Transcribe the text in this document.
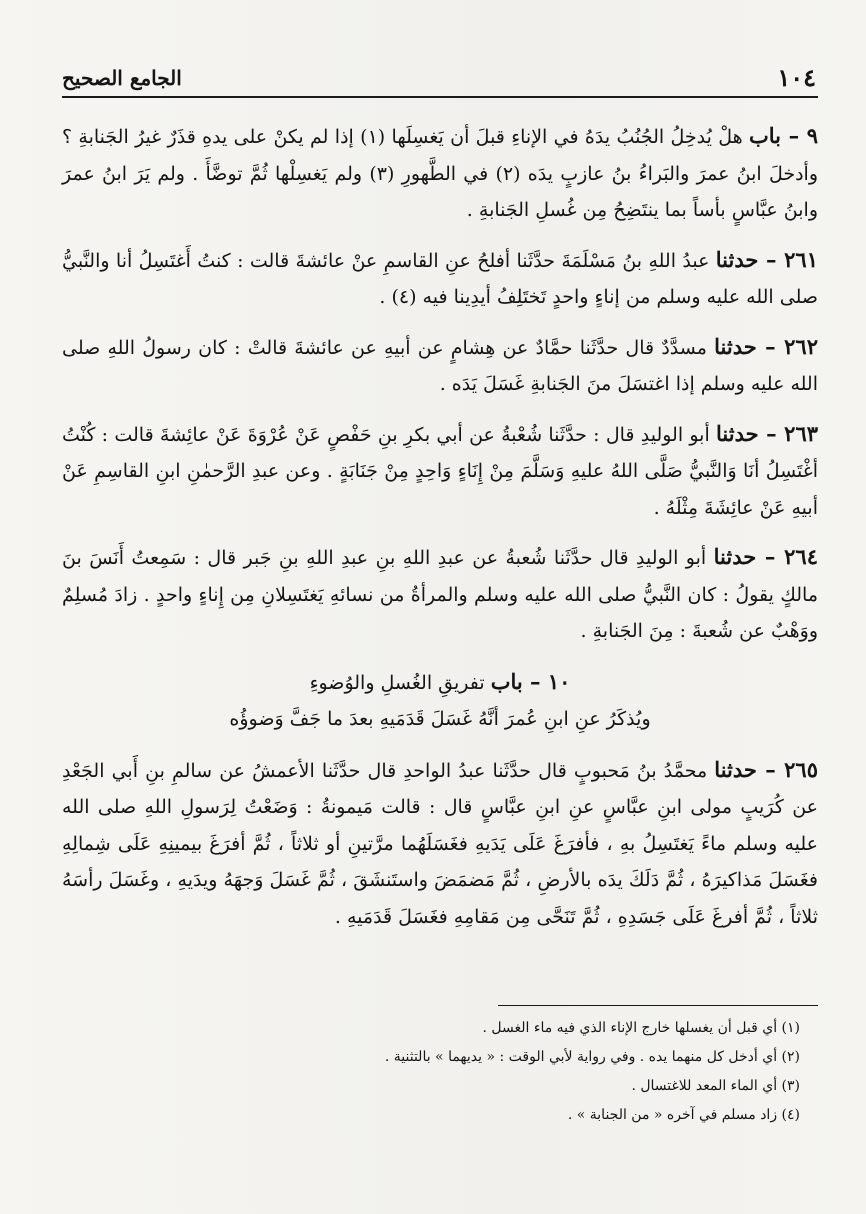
١٠٤
الجامع الصحيح

٩ – باب هلْ يُدخِلُ الجُنُبُ يدَهُ في الإناءِ قبلَ أن يَغسِلَها (١) إذا لم يكنْ على يدهِ قذَرٌ غيرُ الجَنابةِ ؟ وأدخلَ ابنُ عمرَ والبَراءُ بنُ عازبٍ يدَه (٢) في الطَّهورِ (٣) ولم يَغسِلْها ثُمَّ توضَّأَ . ولم يَرَ ابنُ عمرَ وابنُ عبَّاسٍ بأساً بما ينتَضِحُ مِن غُسلِ الجَنابةِ .

٢٦١ – حدثنا عبدُ اللهِ بنُ مَسْلَمَةَ حدَّثَنا أفلحُ عنِ القاسمِ عنْ عائشةَ قالت : كنتُ أَغتَسِلُ أنا والنَّبيُّ صلى الله عليه وسلم من إناءٍ واحدٍ تَختَلِفُ أيدِينا فيه (٤) .

٢٦٢ – حدثنا مسدَّدٌ قال حدَّثَنا حمَّادٌ عن هِشامٍ عن أبيهِ عن عائشةَ قالتْ : كان رسولُ اللهِ صلى الله عليه وسلم إذا اغتسَلَ منَ الجَنابةِ غَسَلَ يَدَه .

٢٦٣ – حدثنا أبو الوليدِ قال : حدَّثَنا شُعْبةُ عن أبي بكرِ بنِ حَفْصٍ عَنْ عُرْوَةَ عَنْ عائِشةَ قالت : كُنْتُ أغْتَسِلُ أنَا وَالنَّبيُّ صَلَّى اللهُ عليهِ وَسَلَّمَ مِنْ إِنَاءٍ وَاحِدٍ مِنْ جَنَابَةٍ . وعن عبدِ الرَّحمٰنِ ابنِ القاسِمِ عَنْ أبيهِ عَنْ عائِشَةَ مِثْلَهُ .

٢٦٤ – حدثنا أبو الوليدِ قال حدَّثَنا شُعبةُ عن عبدِ اللهِ بنِ عبدِ اللهِ بنِ جَبر قال : سَمِعتُ أَنَسَ بنَ مالكٍ يقولُ : كان النَّبيُّ صلى الله عليه وسلم والمرأةُ من نسائهِ يَغتَسِلانِ مِن إِناءٍ واحدٍ . زادَ مُسلِمٌ ووَهْبٌ عن شُعبةَ : مِنَ الجَنابةِ .

١٠ – باب تفريقِ الغُسلِ والوُضوءِ

ويُذكَرُ عنِ ابنِ عُمرَ أنَّهُ غَسَلَ قَدَمَيهِ بعدَ ما جَفَّ وَضوؤُه

٢٦٥ – حدثنا محمَّدُ بنُ مَحبوبٍ قال حدَّثَنا عبدُ الواحدِ قال حدَّثَنا الأعمشُ عن سالمِ بنِ أَبي الجَعْدِ عن كُرَيبٍ مولى ابنِ عبَّاسٍ عنِ ابنِ عبَّاسٍ قال : قالت مَيمونةُ : وَضَعْتُ لِرَسولِ اللهِ صلى الله عليه وسلم ماءً يَغتَسِلُ بهِ ، فأفرَغَ عَلَى يَدَيهِ فغَسَلَهُما مرَّتينِ أو ثلاثاً ، ثُمَّ أفرَغَ بيمينِهِ عَلَى شِمالِهِ فغَسَلَ مَذاكيرَهُ ، ثُمَّ دَلَكَ يدَه بالأرضِ ، ثُمَّ مَضمَضَ واستَنشَقَ ، ثُمَّ غَسَلَ وَجهَهُ ويدَيهِ ، وغَسَلَ رأسَهُ ثلاثاً ، ثُمَّ أفرغَ عَلَى جَسَدِهِ ، ثُمَّ تَنَحَّى مِن مَقامِهِ فغَسَلَ قَدَمَيهِ .

(١) أي قبل أن يغسلها خارج الإناء الذي فيه ماء الغسل .
(٢) أي أدخل كل منهما يده . وفي رواية لأبي الوقت : « يديهما » بالتثنية .
(٣) أي الماء المعد للاغتسال .
(٤) زاد مسلم في آخره « من الجنابة » .
